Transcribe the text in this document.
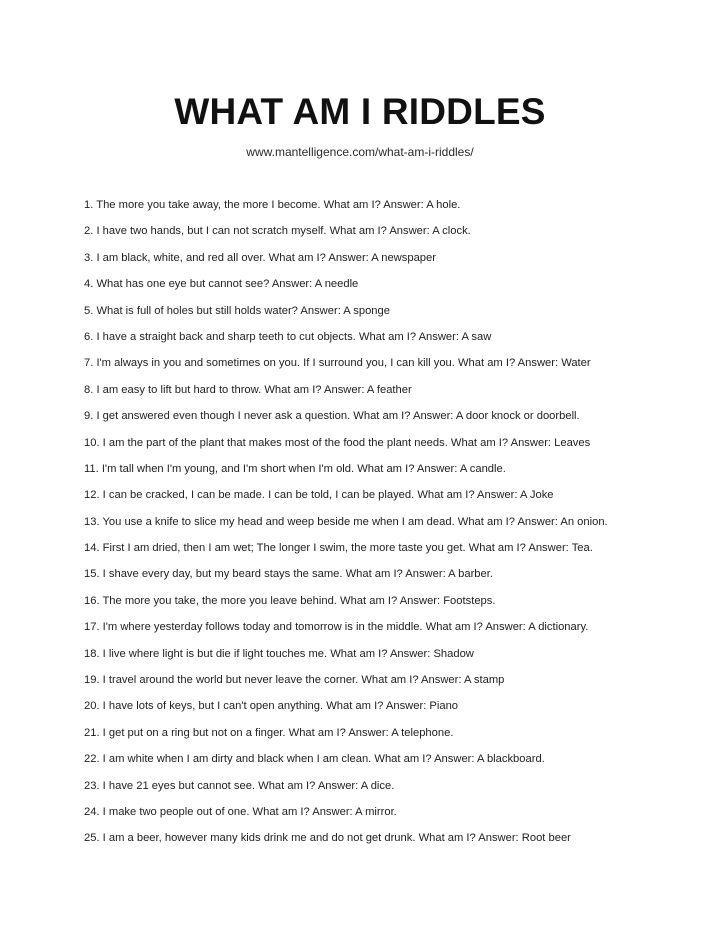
WHAT AM I RIDDLES
www.mantelligence.com/what-am-i-riddles/
1. The more you take away, the more I become. What am I? Answer: A hole.
2. I have two hands, but I can not scratch myself. What am I? Answer: A clock.
3. I am black, white, and red all over. What am I? Answer: A newspaper
4. What has one eye but cannot see? Answer: A needle
5. What is full of holes but still holds water? Answer: A sponge
6. I have a straight back and sharp teeth to cut objects. What am I? Answer: A saw
7. I'm always in you and sometimes on you. If I surround you, I can kill you. What am I? Answer: Water
8. I am easy to lift but hard to throw. What am I? Answer: A feather
9. I get answered even though I never ask a question. What am I? Answer: A door knock or doorbell.
10. I am the part of the plant that makes most of the food the plant needs. What am I? Answer: Leaves
11. I'm tall when I'm young, and I'm short when I'm old. What am I? Answer: A candle.
12. I can be cracked, I can be made. I can be told, I can be played. What am I? Answer: A Joke
13. You use a knife to slice my head and weep beside me when I am dead. What am I? Answer: An onion.
14. First I am dried, then I am wet; The longer I swim, the more taste you get. What am I? Answer: Tea.
15. I shave every day, but my beard stays the same. What am I? Answer: A barber.
16. The more you take, the more you leave behind. What am I? Answer: Footsteps.
17. I'm where yesterday follows today and tomorrow is in the middle. What am I? Answer: A dictionary.
18. I live where light is but die if light touches me. What am I? Answer: Shadow
19. I travel around the world but never leave the corner. What am I? Answer: A stamp
20. I have lots of keys, but I can't open anything. What am I? Answer: Piano
21. I get put on a ring but not on a finger. What am I? Answer: A telephone.
22. I am white when I am dirty and black when I am clean. What am I? Answer: A blackboard.
23. I have 21 eyes but cannot see. What am I? Answer: A dice.
24. I make two people out of one. What am I? Answer: A mirror.
25. I am a beer, however many kids drink me and do not get drunk. What am I? Answer: Root beer
